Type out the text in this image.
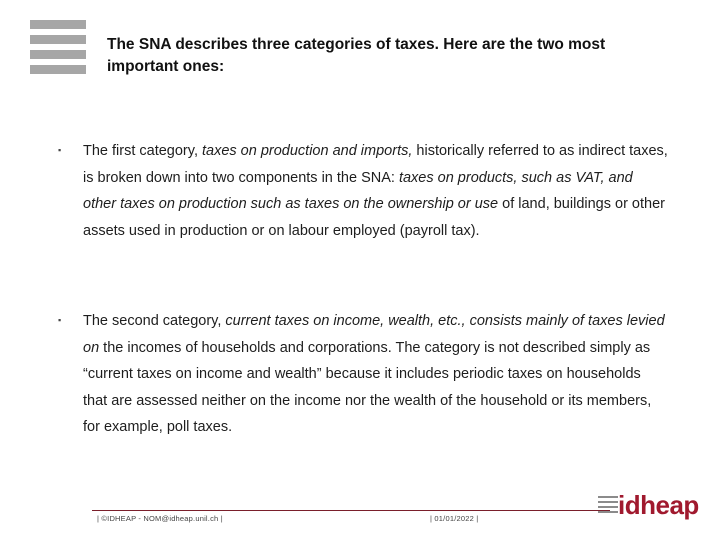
The SNA describes three categories of taxes. Here are the two most important ones:
▪ The first category, taxes on production and imports, historically referred to as indirect taxes, is broken down into two components in the SNA: taxes on products, such as VAT, and other taxes on production such as taxes on the ownership or use of land, buildings or other assets used in production or on labour employed (payroll tax).

▪ The second category, current taxes on income, wealth, etc., consists mainly of taxes levied on the incomes of households and corporations. The category is not described simply as “current taxes on income and wealth” because it includes periodic taxes on households that are assessed neither on the income nor the wealth of the household or its members, for example, poll taxes.

| ©IDHEAP - NOM@idheap.unil.ch |	| 01/01/2022 |	idheap
